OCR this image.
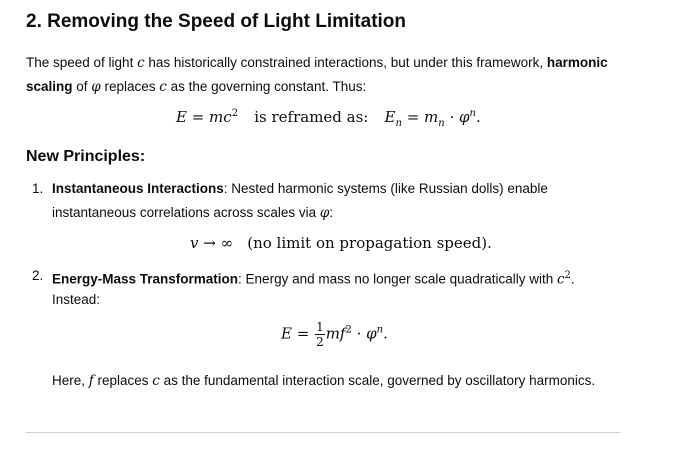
2. Removing the Speed of Light Limitation
The speed of light c has historically constrained interactions, but under this framework, harmonic
scaling of φ replaces c as the governing constant. Thus:
$E = mc^2$ is reframed as: $E_n = m_n \cdot \varphi^n$.
New Principles:
1. Instantaneous Interactions: Nested harmonic systems (like Russian dolls) enable
instantaneous correlations across scales via φ:
v → ∞ (no limit on propagation speed).
2. Energy-Mass Transformation: Energy and mass no longer scale quadratically with $c^2$.
Instead:
$E = \frac{1}{2} mf^2 \cdot \varphi^n$.
Here, f replaces c as the fundamental interaction scale, governed by oscillatory harmonics.
